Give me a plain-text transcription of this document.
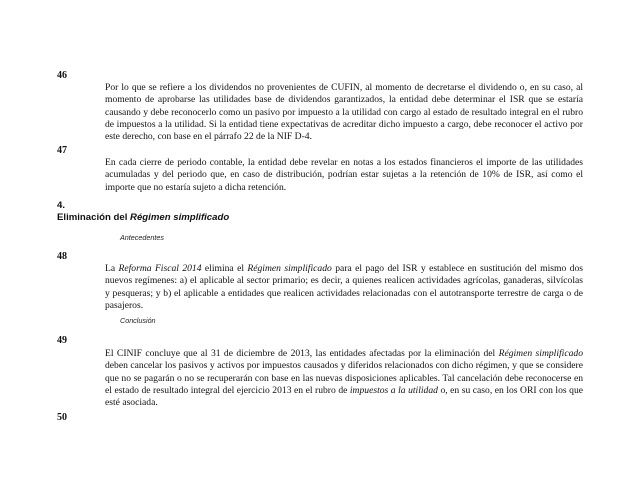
46

Por lo que se refiere a los dividendos no provenientes de CUFIN, al momento de decretarse el dividendo o, en su caso, al momento de aprobarse las utilidades base de dividendos garantizados, la entidad debe determinar el ISR que se estaría causando y debe reconocerlo como un pasivo por impuesto a la utilidad con cargo al estado de resultado integral en el rubro de impuestos a la utilidad. Si la entidad tiene expectativas de acreditar dicho impuesto a cargo, debe reconocer el activo por este derecho, con base en el párrafo 22 de la NIF D-4.

47

En cada cierre de periodo contable, la entidad debe revelar en notas a los estados financieros el importe de las utilidades acumuladas y del periodo que, en caso de distribución, podrían estar sujetas a la retención de 10% de ISR, así como el importe que no estaría sujeto a dicha retención.

4.
Eliminación del Régimen simplificado
Antecedentes
48

La Reforma Fiscal 2014 elimina el Régimen simplificado para el pago del ISR y establece en sustitución del mismo dos nuevos regímenes: a) el aplicable al sector primario; es decir, a quienes realicen actividades agrícolas, ganaderas, silvícolas y pesqueras; y b) el aplicable a entidades que realicen actividades relacionadas con el autotransporte terrestre de carga o de pasajeros.

Conclusión
49

El CINIF concluye que al 31 de diciembre de 2013, las entidades afectadas por la eliminación del Régimen simplificado deben cancelar los pasivos y activos por impuestos causados y diferidos relacionados con dicho régimen, y que se considere que no se pagarán o no se recuperarán con base en las nuevas disposiciones aplicables. Tal cancelación debe reconocerse en el estado de resultado integral del ejercicio 2013 en el rubro de impuestos a la utilidad o, en su caso, en los ORI con los que esté asociada.

50
